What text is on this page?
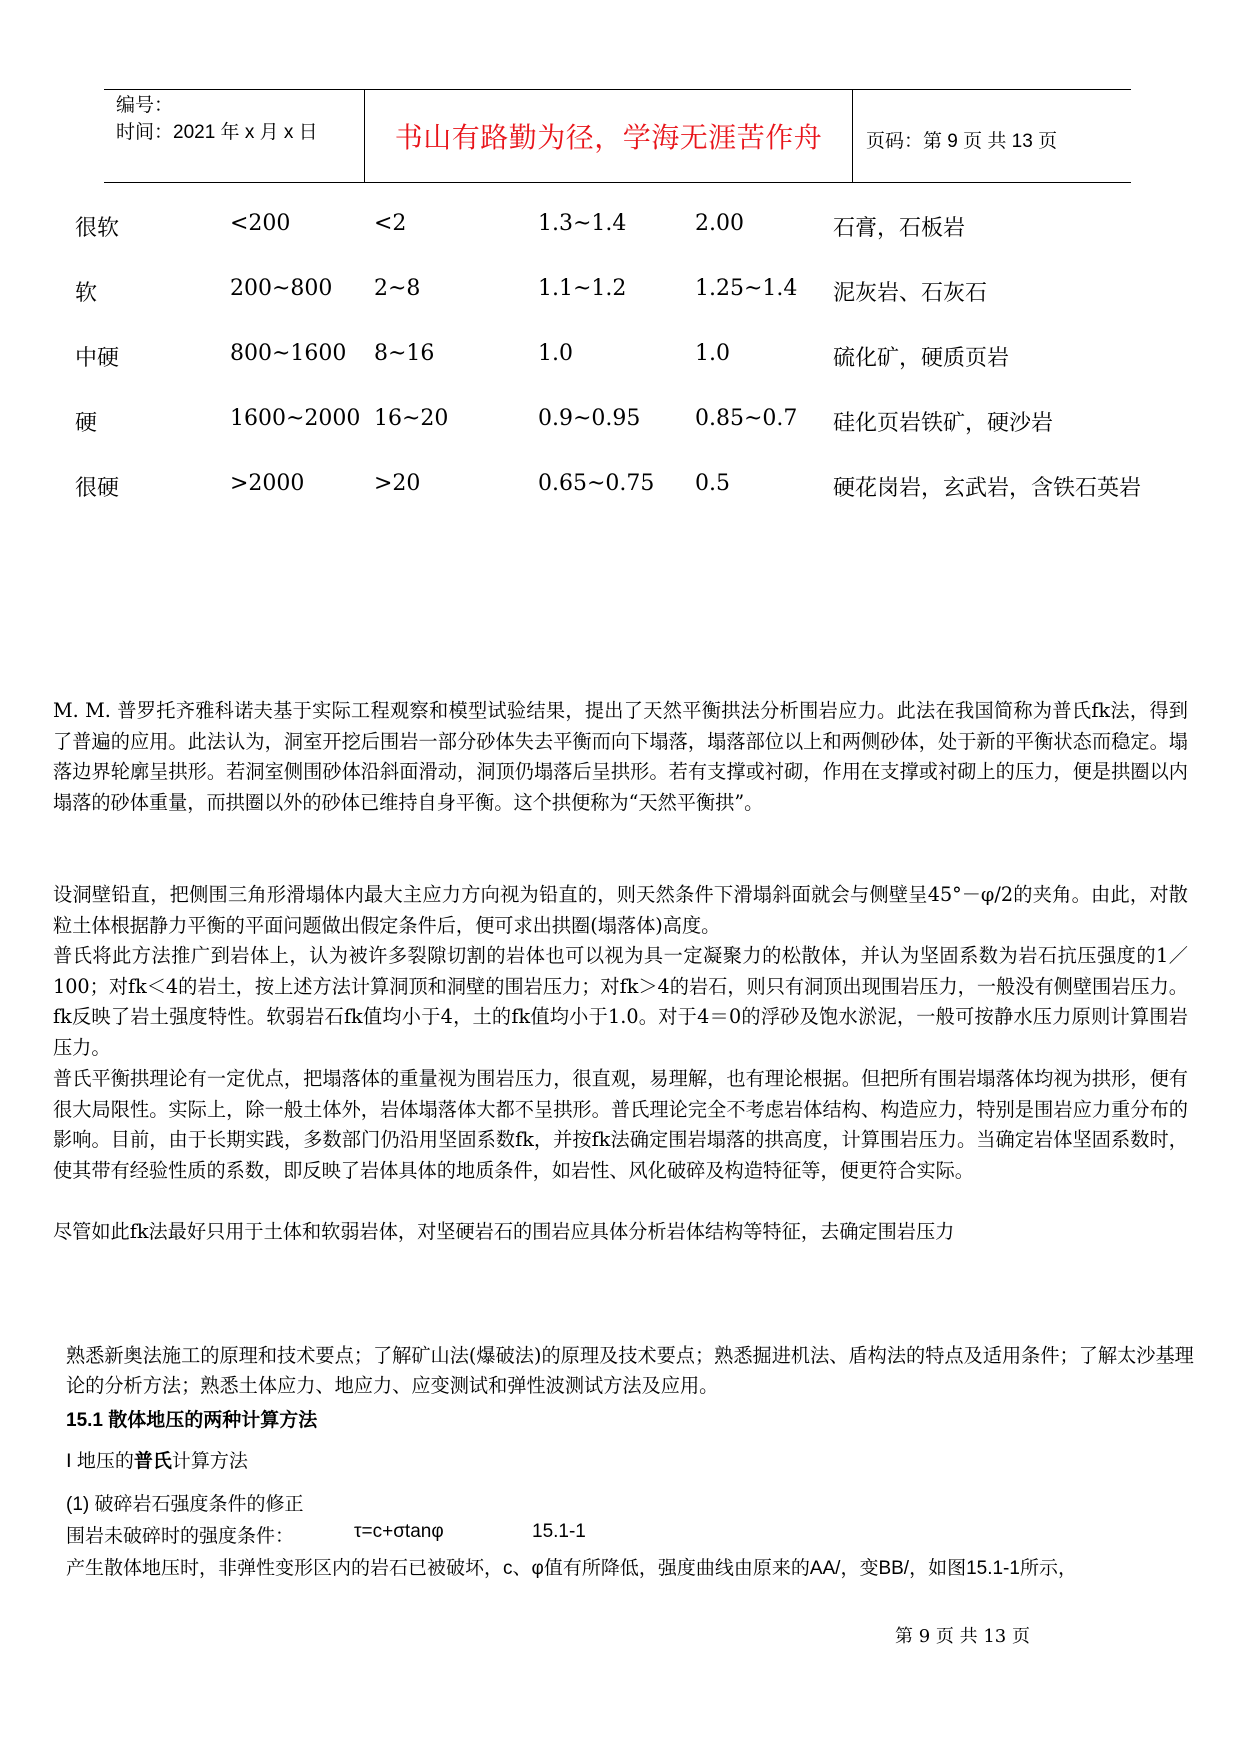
编号：
时间：2021 年 x 月 x 日	书山有路勤为径，学海无涯苦作舟	页码：第 9 页 共 13 页
很软	<200	<2	1.3~1.4	2.00	石膏，石板岩
软	200~800 2~8	1.1~1.2	1.25~1.4 泥灰岩、石灰石
中硬	800~1600 8~16	1.0	1.0	硫化矿，硬质页岩
硬	1600~2000 16~20	0.9~0.95 0.85~0.7 硅化页岩铁矿，硬沙岩
很硬	>2000	>20	0.65~0.75 0.5	硬花岗岩，玄武岩，含铁石英岩
M. M. 普罗托齐雅科诺夫基于实际工程观察和模型试验结果，提出了天然平衡拱法分析围岩应力。此法在我国简称为普氏fk法，得到了普遍的应用。此法认为，洞室开挖后围岩一部分砂体失去平衡而向下塌落，塌落部位以上和两侧砂体，处于新的平衡状态而稳定。塌落边界轮廓呈拱形。若洞室侧围砂体沿斜面滑动，洞顶仍塌落后呈拱形。若有支撑或衬砌，作用在支撑或衬砌上的压力，便是拱圈以内塌落的砂体重量，而拱圈以外的砂体已维持自身平衡。这个拱便称为“天然平衡拱”。
设洞壁铅直，把侧围三角形滑塌体内最大主应力方向视为铅直的，则天然条件下滑塌斜面就会与侧壁呈45°－φ/2的夹角。由此，对散粒土体根据静力平衡的平面问题做出假定条件后，便可求出拱圈(塌落体)高度。
普氏将此方法推广到岩体上，认为被许多裂隙切割的岩体也可以视为具一定凝聚力的松散体，并认为坚固系数为岩石抗压强度的1／100；对fk＜4的岩土，按上述方法计算洞顶和洞壁的围岩压力；对fk＞4的岩石，则只有洞顶出现围岩压力，一般没有侧壁围岩压力。fk反映了岩土强度特性。软弱岩石fk值均小于4，土的fk值均小于1.0。对于4＝0的浮砂及饱水淤泥，一般可按静水压力原则计算围岩压力。
普氏平衡拱理论有一定优点，把塌落体的重量视为围岩压力，很直观，易理解，也有理论根据。但把所有围岩塌落体均视为拱形，便有很大局限性。实际上，除一般土体外，岩体塌落体大都不呈拱形。普氏理论完全不考虑岩体结构、构造应力，特别是围岩应力重分布的影响。目前，由于长期实践，多数部门仍沿用坚固系数fk，并按fk法确定围岩塌落的拱高度，计算围岩压力。当确定岩体坚固系数时，使其带有经验性质的系数，即反映了岩体具体的地质条件，如岩性、风化破碎及构造特征等，便更符合实际。
尽管如此fk法最好只用于土体和软弱岩体，对坚硬岩石的围岩应具体分析岩体结构等特征，去确定围岩压力
熟悉新奥法施工的原理和技术要点；了解矿山法(爆破法)的原理及技术要点；熟悉掘进机法、盾构法的特点及适用条件；了解太沙基理论的分析方法；熟悉土体应力、地应力、应变测试和弹性波测试方法及应用。
15.1 散体地压的两种计算方法
Ⅰ 地压的普氏计算方法
(1) 破碎岩石强度条件的修正
围岩未破碎时的强度条件：	τ=c+σtanφ	15.1-1
产生散体地压时，非弹性变形区内的岩石已被破坏，c、φ值有所降低，强度曲线由原来的AA/，变BB/，如图15.1-1所示，
第 9 页 共 13 页
